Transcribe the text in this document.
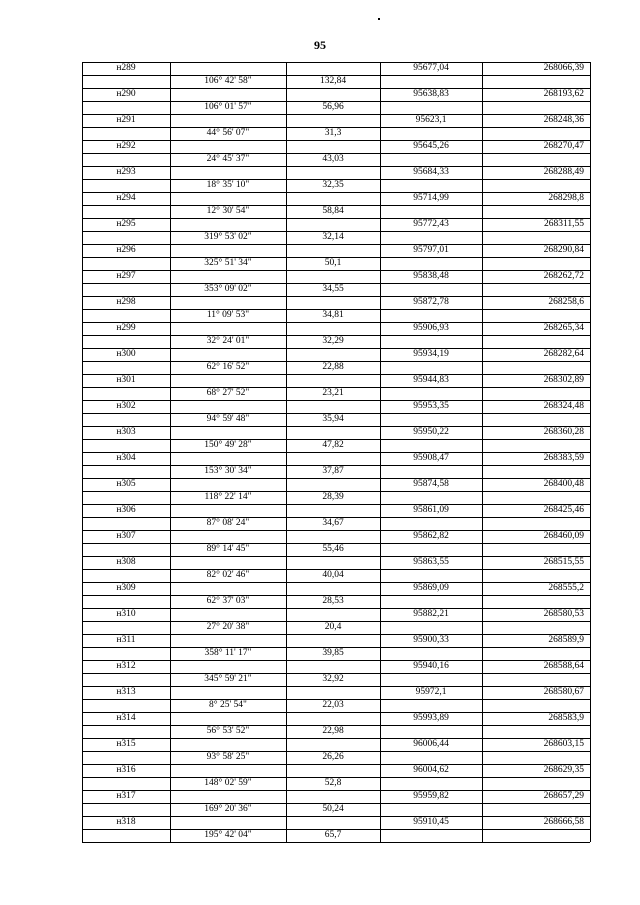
95
н289	95677,04	268066,39
106° 42' 58"	132,84
н290	95638,83	268193,62
106° 01' 57"	56,96
н291	95623,1	268248,36
44° 56' 07"	31,3
н292	95645,26	268270,47
24° 45' 37"	43,03
н293	95684,33	268288,49
18° 35' 10"	32,35
н294	95714,99	268298,8
12° 30' 54"	58,84
н295	95772,43	268311,55
319° 53' 02"	32,14
н296	95797,01	268290,84
325° 51' 34"	50,1
н297	95838,48	268262,72
353° 09' 02"	34,55
н298	95872,78	268258,6
11° 09' 53"	34,81
н299	95906,93	268265,34
32° 24' 01"	32,29
н300	95934,19	268282,64
62° 16' 52"	22,88
н301	95944,83	268302,89
68° 27' 52"	23,21
н302	95953,35	268324,48
94° 59' 48"	35,94
н303	95950,22	268360,28
150° 49' 28"	47,82
н304	95908,47	268383,59
153° 30' 34"	37,87
н305	95874,58	268400,48
118° 22' 14"	28,39
н306	95861,09	268425,46
87° 08' 24"	34,67
н307	95862,82	268460,09
89° 14' 45"	55,46
н308	95863,55	268515,55
82° 02' 46"	40,04
н309	95869,09	268555,2
62° 37' 03"	28,53
н310	95882,21	268580,53
27° 20' 38"	20,4
н311	95900,33	268589,9
358° 11' 17"	39,85
н312	95940,16	268588,64
345° 59' 21"	32,92
н313	95972,1	268580,67
8° 25' 54"	22,03
н314	95993,89	268583,9
56° 53' 52"	22,98
н315	96006,44	268603,15
93° 58' 25"	26,26
н316	96004,62	268629,35
148° 02' 59"	52,8
н317	95959,82	268657,29
169° 20' 36"	50,24
н318	95910,45	268666,58
195° 42' 04"	65,7
